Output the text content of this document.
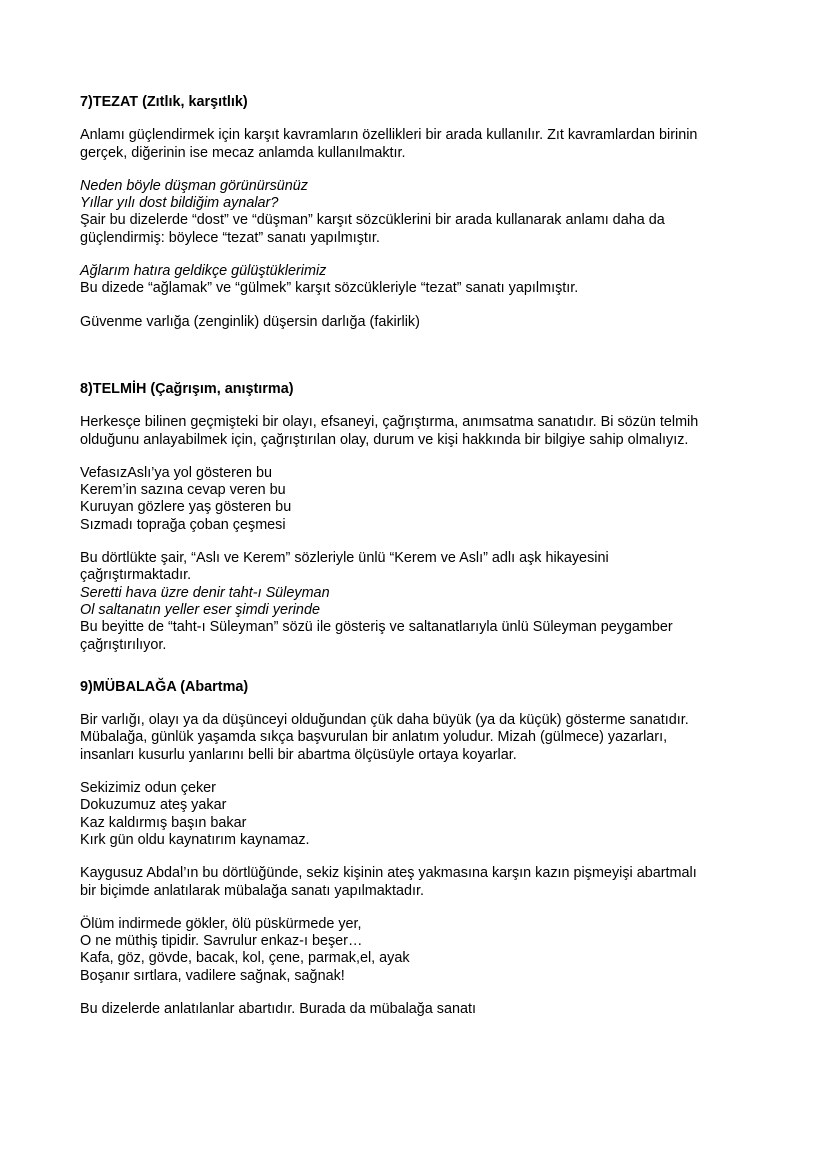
7)TEZAT (Zıtlık, karşıtlık)

Anlamı güçlendirmek için karşıt kavramların özellikleri bir arada kullanılır. Zıt kavramlardan birinin
gerçek, diğerinin ise mecaz anlamda kullanılmaktır.

Neden böyle düşman görünürsünüz
Yıllar yılı dost bildiğim aynalar?
Şair bu dizelerde “dost” ve “düşman” karşıt sözcüklerini bir arada kullanarak anlamı daha da
güçlendirmiş: böylece “tezat” sanatı yapılmıştır.

Ağlarım hatıra geldikçe gülüştüklerimiz
Bu dizede “ağlamak” ve “gülmek” karşıt sözcükleriyle “tezat” sanatı yapılmıştır.

Güvenme varlığa (zenginlik) düşersin darlığa (fakirlik)

8)TELMİH (Çağrışım, anıştırma)

Herkesçe bilinen geçmişteki bir olayı, efsaneyi, çağrıştırma, anımsatma sanatıdır. Bi sözün telmih
olduğunu anlayabilmek için, çağrıştırılan olay, durum ve kişi hakkında bir bilgiye sahip olmalıyız.

VefasızAslı’ya yol gösteren bu
Kerem’in sazına cevap veren bu
Kuruyan gözlere yaş gösteren bu
Sızmadı toprağa çoban çeşmesi

Bu dörtlükte şair, “Aslı ve Kerem” sözleriyle ünlü “Kerem ve Aslı” adlı aşk hikayesini
çağrıştırmaktadır.
Seretti hava üzre denir taht-ı Süleyman
Ol saltanatın yeller eser şimdi yerinde
Bu beyitte de “taht-ı Süleyman” sözü ile gösteriş ve saltanatlarıyla ünlü Süleyman peygamber
çağrıştırılıyor.

9)MÜBALAĞA (Abartma)

Bir varlığı, olayı ya da düşünceyi olduğundan çük daha büyük (ya da küçük) gösterme sanatıdır.
Mübalağa, günlük yaşamda sıkça başvurulan bir anlatım yoludur. Mizah (gülmece) yazarları,
insanları kusurlu yanlarını belli bir abartma ölçüsüyle ortaya koyarlar.

Sekizimiz odun çeker
Dokuzumuz ateş yakar
Kaz kaldırmış başın bakar
Kırk gün oldu kaynatırım kaynamaz.

Kaygusuz Abdal’ın bu dörtlüğünde, sekiz kişinin ateş yakmasına karşın kazın pişmeyişi abartmalı
bir biçimde anlatılarak mübalağa sanatı yapılmaktadır.

Ölüm indirmede gökler, ölü püskürmede yer,
O ne müthiş tipidir. Savrulur enkaz-ı beşer…
Kafa, göz, gövde, bacak, kol, çene, parmak,el, ayak
Boşanır sırtlara, vadilere sağnak, sağnak!

Bu dizelerde anlatılanlar abartıdır. Burada da mübalağa sanatı
